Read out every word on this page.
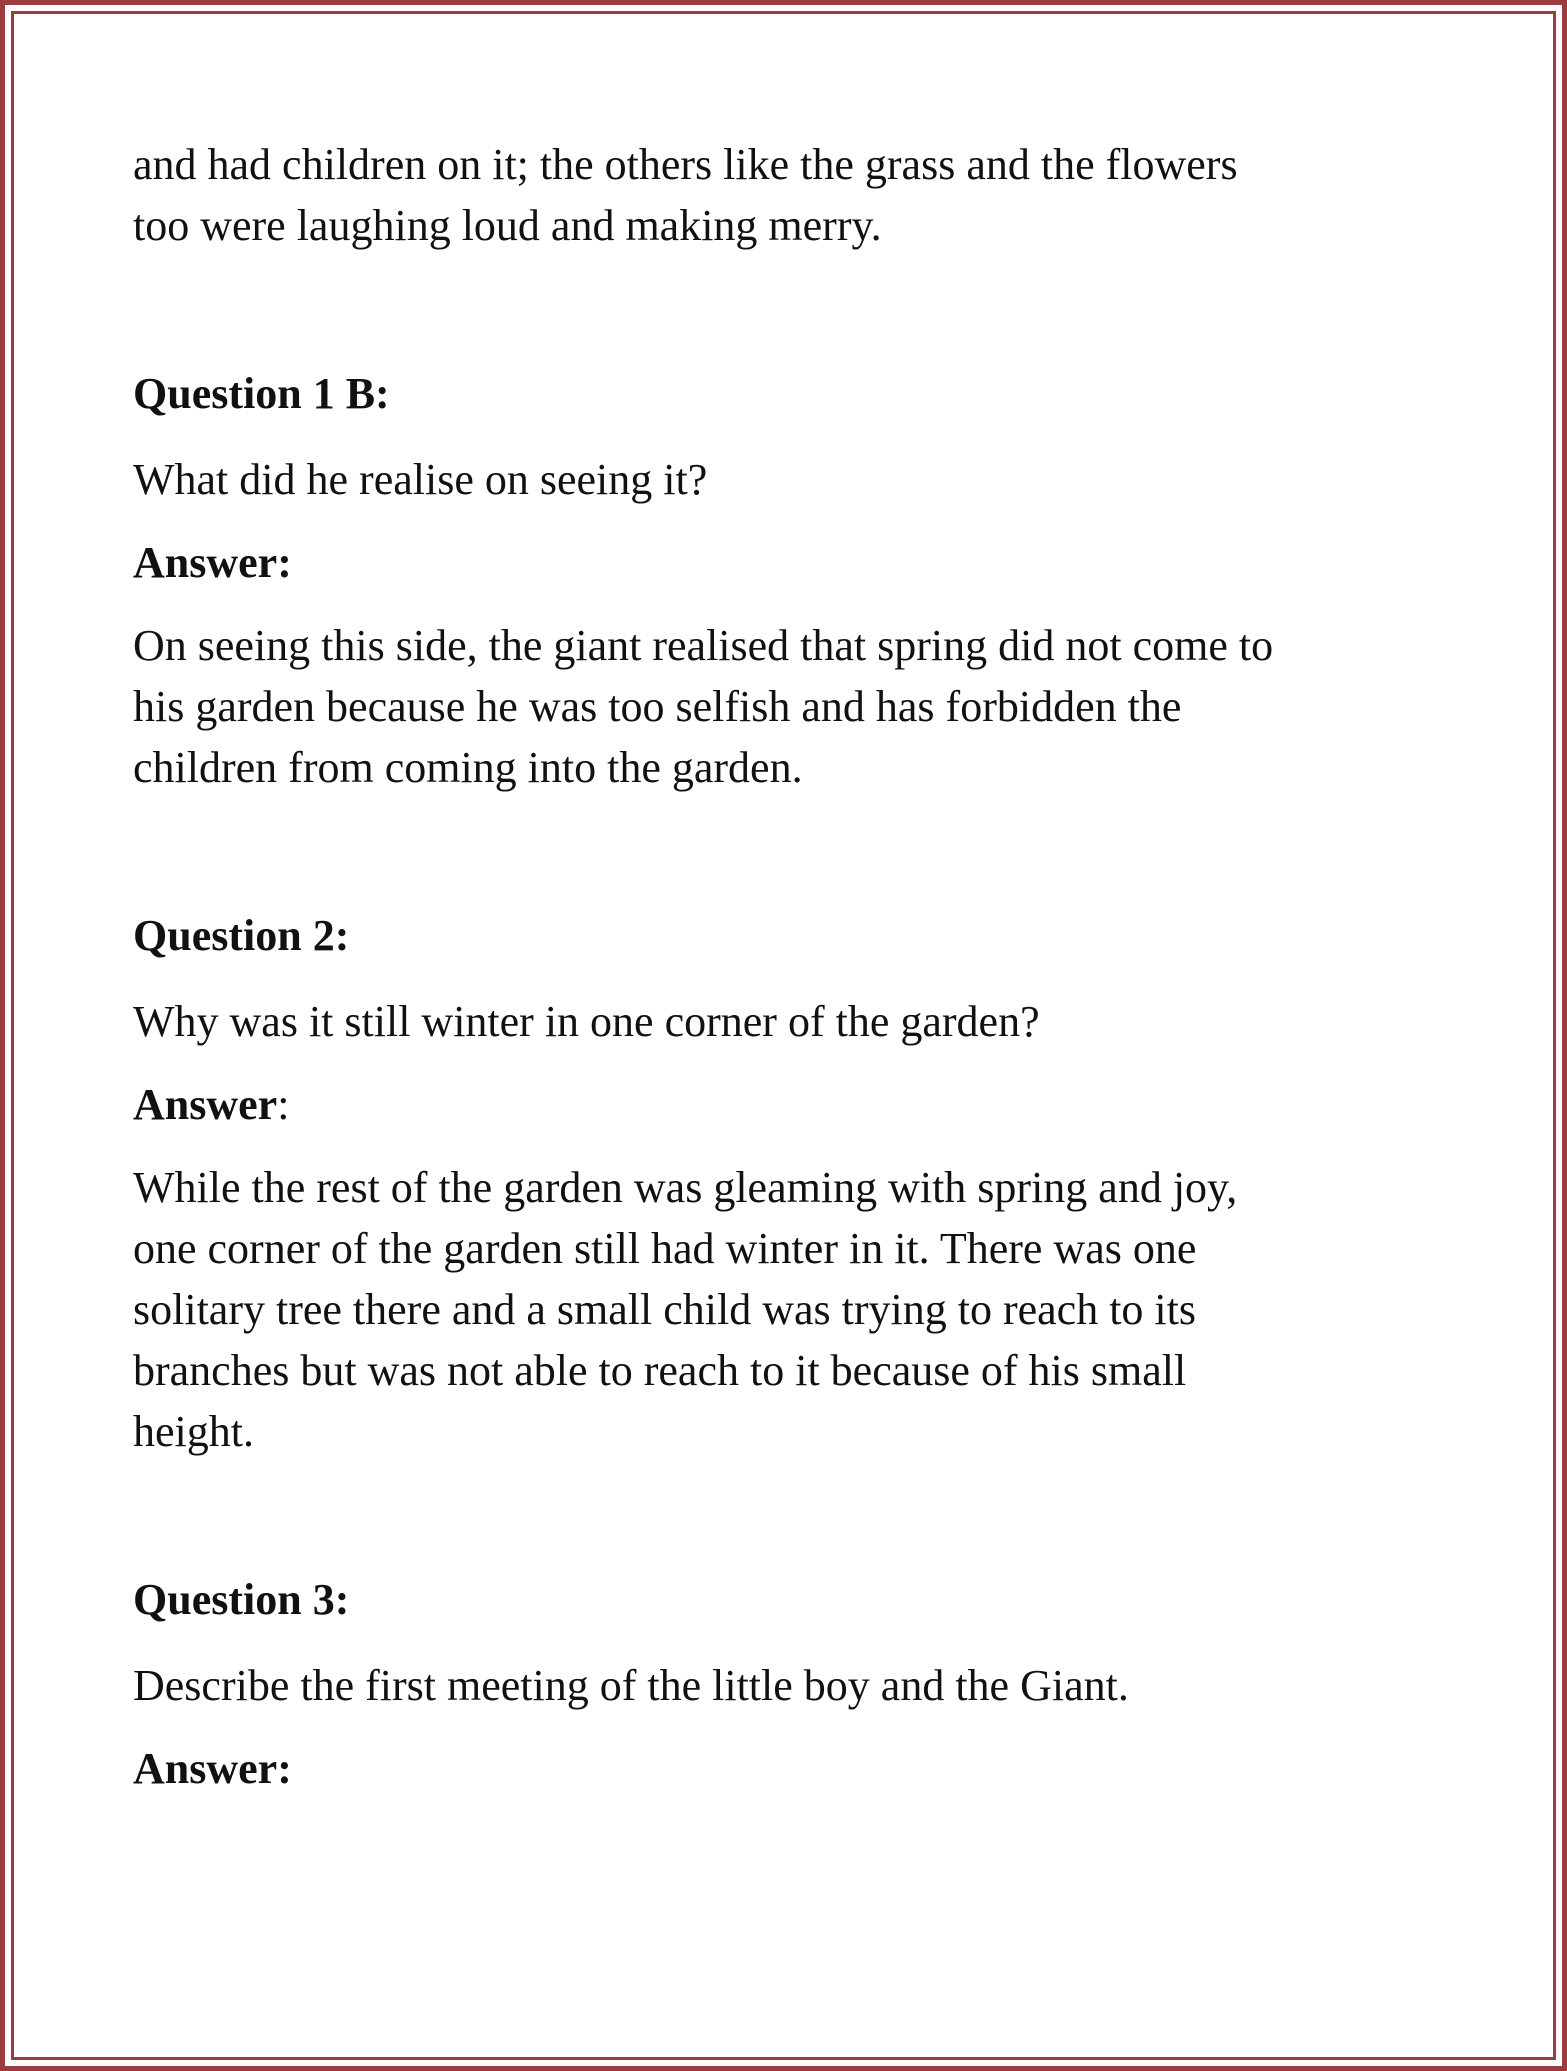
and had children on it; the others like the grass and the flowers

too were laughing loud and making merry.

Question 1 B:

What did he realise on seeing it?

Answer:

On seeing this side, the giant realised that spring did not come to

his garden because he was too selfish and has forbidden the

children from coming into the garden.

Question 2:

Why was it still winter in one corner of the garden?

Answer:

While the rest of the garden was gleaming with spring and joy,

one corner of the garden still had winter in it. There was one

solitary tree there and a small child was trying to reach to its

branches but was not able to reach to it because of his small

height.

Question 3:

Describe the first meeting of the little boy and the Giant.

Answer:
